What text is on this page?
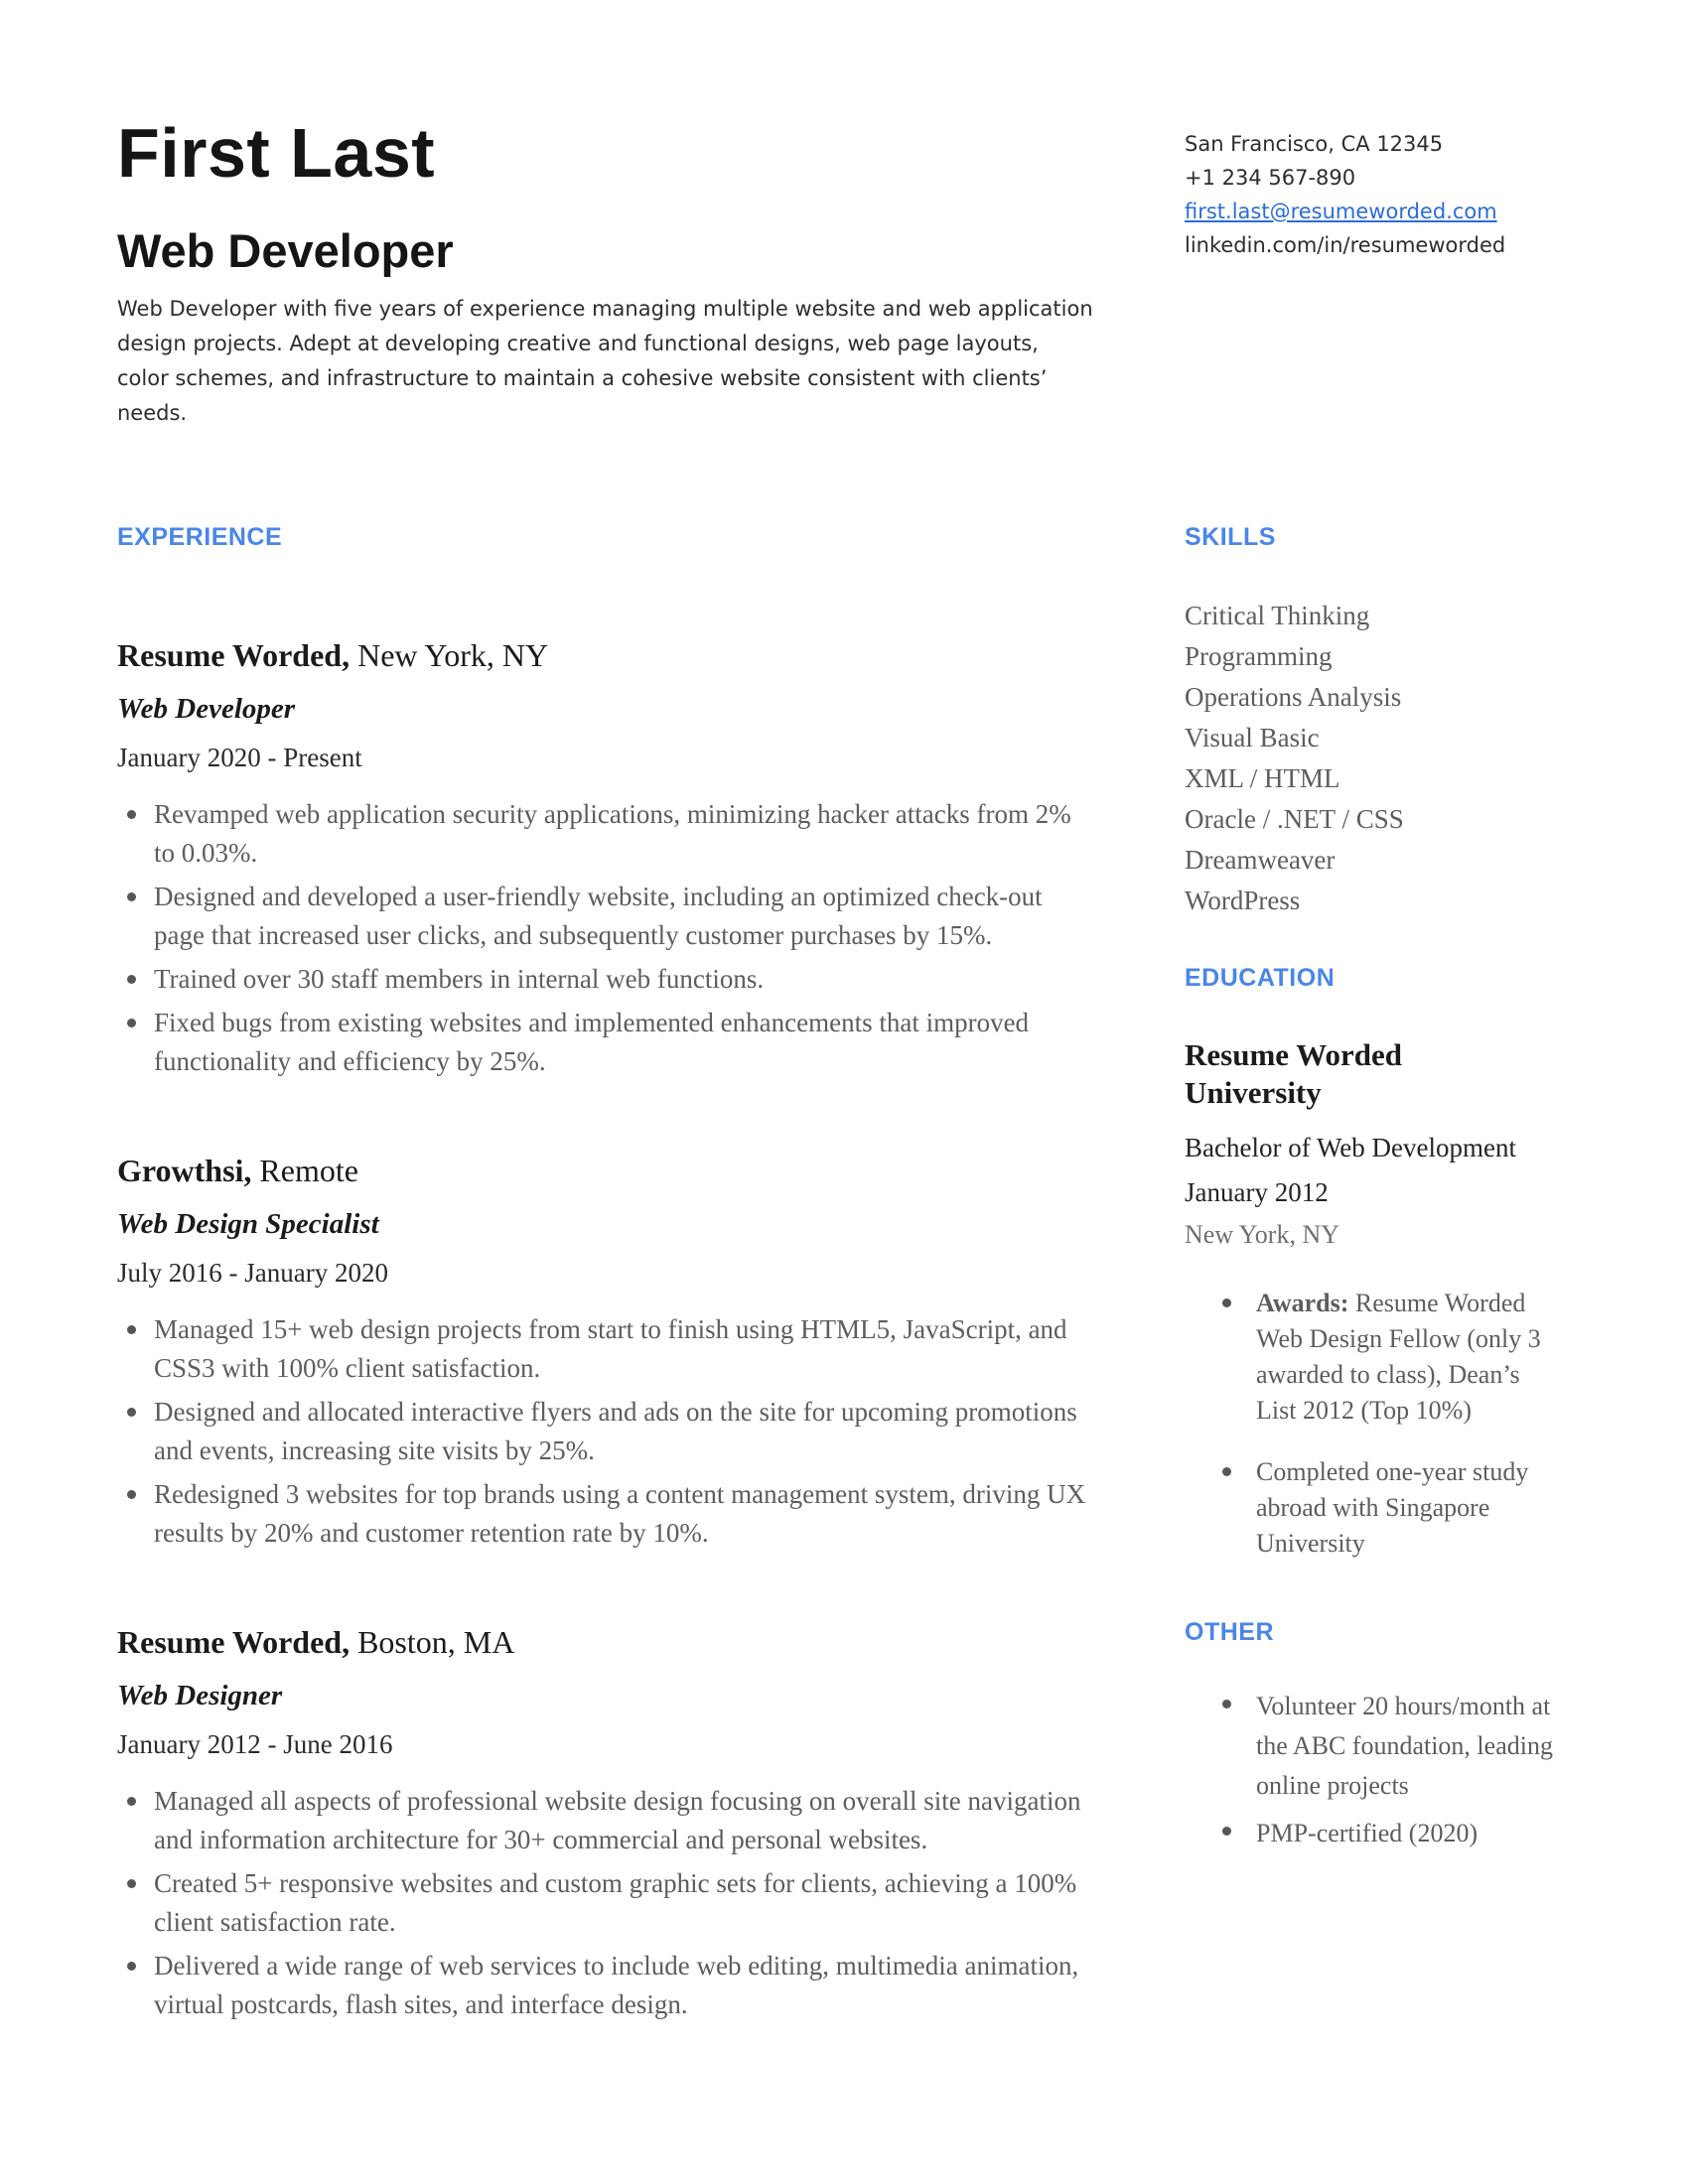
First Last
Web Developer

Web Developer with five years of experience managing multiple website and web application design projects. Adept at developing creative and functional designs, web page layouts, color schemes, and infrastructure to maintain a cohesive website consistent with clients’ needs.

San Francisco, CA 12345
+1 234 567-890
first.last@resumeworded.com
linkedin.com/in/resumeworded
EXPERIENCE
Resume Worded, New York, NY
Web Developer
January 2020 - Present
Revamped web application security applications, minimizing hacker attacks from 2% to 0.03%.
Designed and developed a user-friendly website, including an optimized check-out page that increased user clicks, and subsequently customer purchases by 15%.
Trained over 30 staff members in internal web functions.
Fixed bugs from existing websites and implemented enhancements that improved functionality and efficiency by 25%.
Growthsi, Remote
Web Design Specialist
July 2016 - January 2020
Managed 15+ web design projects from start to finish using HTML5, JavaScript, and CSS3 with 100% client satisfaction.
Designed and allocated interactive flyers and ads on the site for upcoming promotions and events, increasing site visits by 25%.
Redesigned 3 websites for top brands using a content management system, driving UX results by 20% and customer retention rate by 10%.
Resume Worded, Boston, MA
Web Designer
January 2012 - June 2016
Managed all aspects of professional website design focusing on overall site navigation and information architecture for 30+ commercial and personal websites.
Created 5+ responsive websites and custom graphic sets for clients, achieving a 100% client satisfaction rate.
Delivered a wide range of web services to include web editing, multimedia animation, virtual postcards, flash sites, and interface design.
SKILLS
Critical Thinking
Programming
Operations Analysis
Visual Basic
XML / HTML
Oracle / .NET / CSS
Dreamweaver
WordPress
EDUCATION
Resume Worded University
Bachelor of Web Development
January 2012
New York, NY
Awards: Resume Worded Web Design Fellow (only 3 awarded to class), Dean’s List 2012 (Top 10%)
Completed one-year study abroad with Singapore University
OTHER
Volunteer 20 hours/month at the ABC foundation, leading online projects
PMP-certified (2020)
